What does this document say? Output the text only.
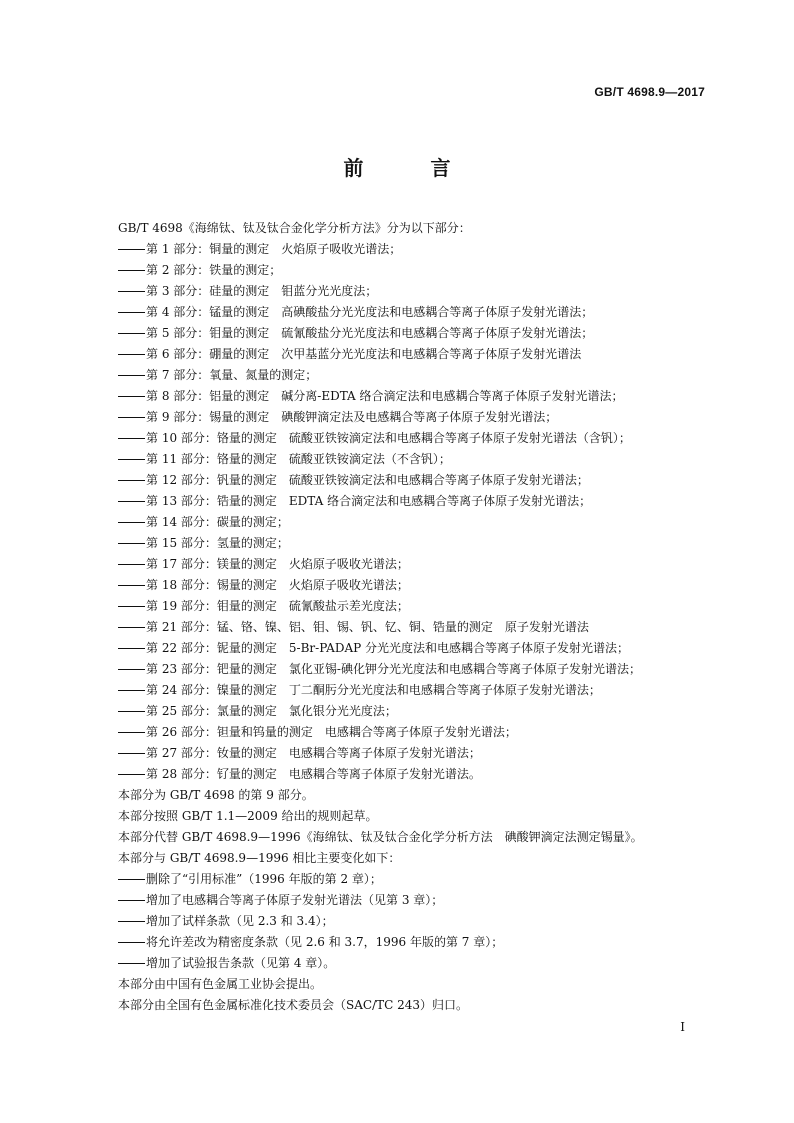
GB/T 4698.9—2017
前 言
GB/T 4698《海绵钛、钛及钛合金化学分析方法》分为以下部分：
第 1 部分：铜量的测定　火焰原子吸收光谱法；
第 2 部分：铁量的测定；
第 3 部分：硅量的测定　钼蓝分光光度法；
第 4 部分：锰量的测定　高碘酸盐分光光度法和电感耦合等离子体原子发射光谱法；
第 5 部分：钼量的测定　硫氰酸盐分光光度法和电感耦合等离子体原子发射光谱法；
第 6 部分：硼量的测定　次甲基蓝分光光度法和电感耦合等离子体原子发射光谱法
第 7 部分：氧量、氮量的测定；
第 8 部分：铝量的测定　碱分离-EDTA 络合滴定法和电感耦合等离子体原子发射光谱法；
第 9 部分：锡量的测定　碘酸钾滴定法及电感耦合等离子体原子发射光谱法；
第 10 部分：铬量的测定　硫酸亚铁铵滴定法和电感耦合等离子体原子发射光谱法（含钒）；
第 11 部分：铬量的测定　硫酸亚铁铵滴定法（不含钒）；
第 12 部分：钒量的测定　硫酸亚铁铵滴定法和电感耦合等离子体原子发射光谱法；
第 13 部分：锆量的测定　EDTA 络合滴定法和电感耦合等离子体原子发射光谱法；
第 14 部分：碳量的测定；
第 15 部分：氢量的测定；
第 17 部分：镁量的测定　火焰原子吸收光谱法；
第 18 部分：锡量的测定　火焰原子吸收光谱法；
第 19 部分：钼量的测定　硫氰酸盐示差光度法；
第 21 部分：锰、铬、镍、铝、钼、锡、钒、钇、铜、锆量的测定　原子发射光谱法
第 22 部分：铌量的测定　5-Br-PADAP 分光光度法和电感耦合等离子体原子发射光谱法；
第 23 部分：钯量的测定　氯化亚锡-碘化钾分光光度法和电感耦合等离子体原子发射光谱法；
第 24 部分：镍量的测定　丁二酮肟分光光度法和电感耦合等离子体原子发射光谱法；
第 25 部分：氯量的测定　氯化银分光光度法；
第 26 部分：钽量和钨量的测定　电感耦合等离子体原子发射光谱法；
第 27 部分：钕量的测定　电感耦合等离子体原子发射光谱法；
第 28 部分：钌量的测定　电感耦合等离子体原子发射光谱法。
本部分为 GB/T 4698 的第 9 部分。
本部分按照 GB/T 1.1—2009 给出的规则起草。
本部分代替 GB/T 4698.9—1996《海绵钛、钛及钛合金化学分析方法　碘酸钾滴定法测定锡量》。
本部分与 GB/T 4698.9—1996 相比主要变化如下：
删除了“引用标准”（1996 年版的第 2 章）；
增加了电感耦合等离子体原子发射光谱法（见第 3 章）；
增加了试样条款（见 2.3 和 3.4）；
将允许差改为精密度条款（见 2.6 和 3.7，1996 年版的第 7 章）；
增加了试验报告条款（见第 4 章）。
本部分由中国有色金属工业协会提出。
本部分由全国有色金属标准化技术委员会（SAC/TC 243）归口。
I
